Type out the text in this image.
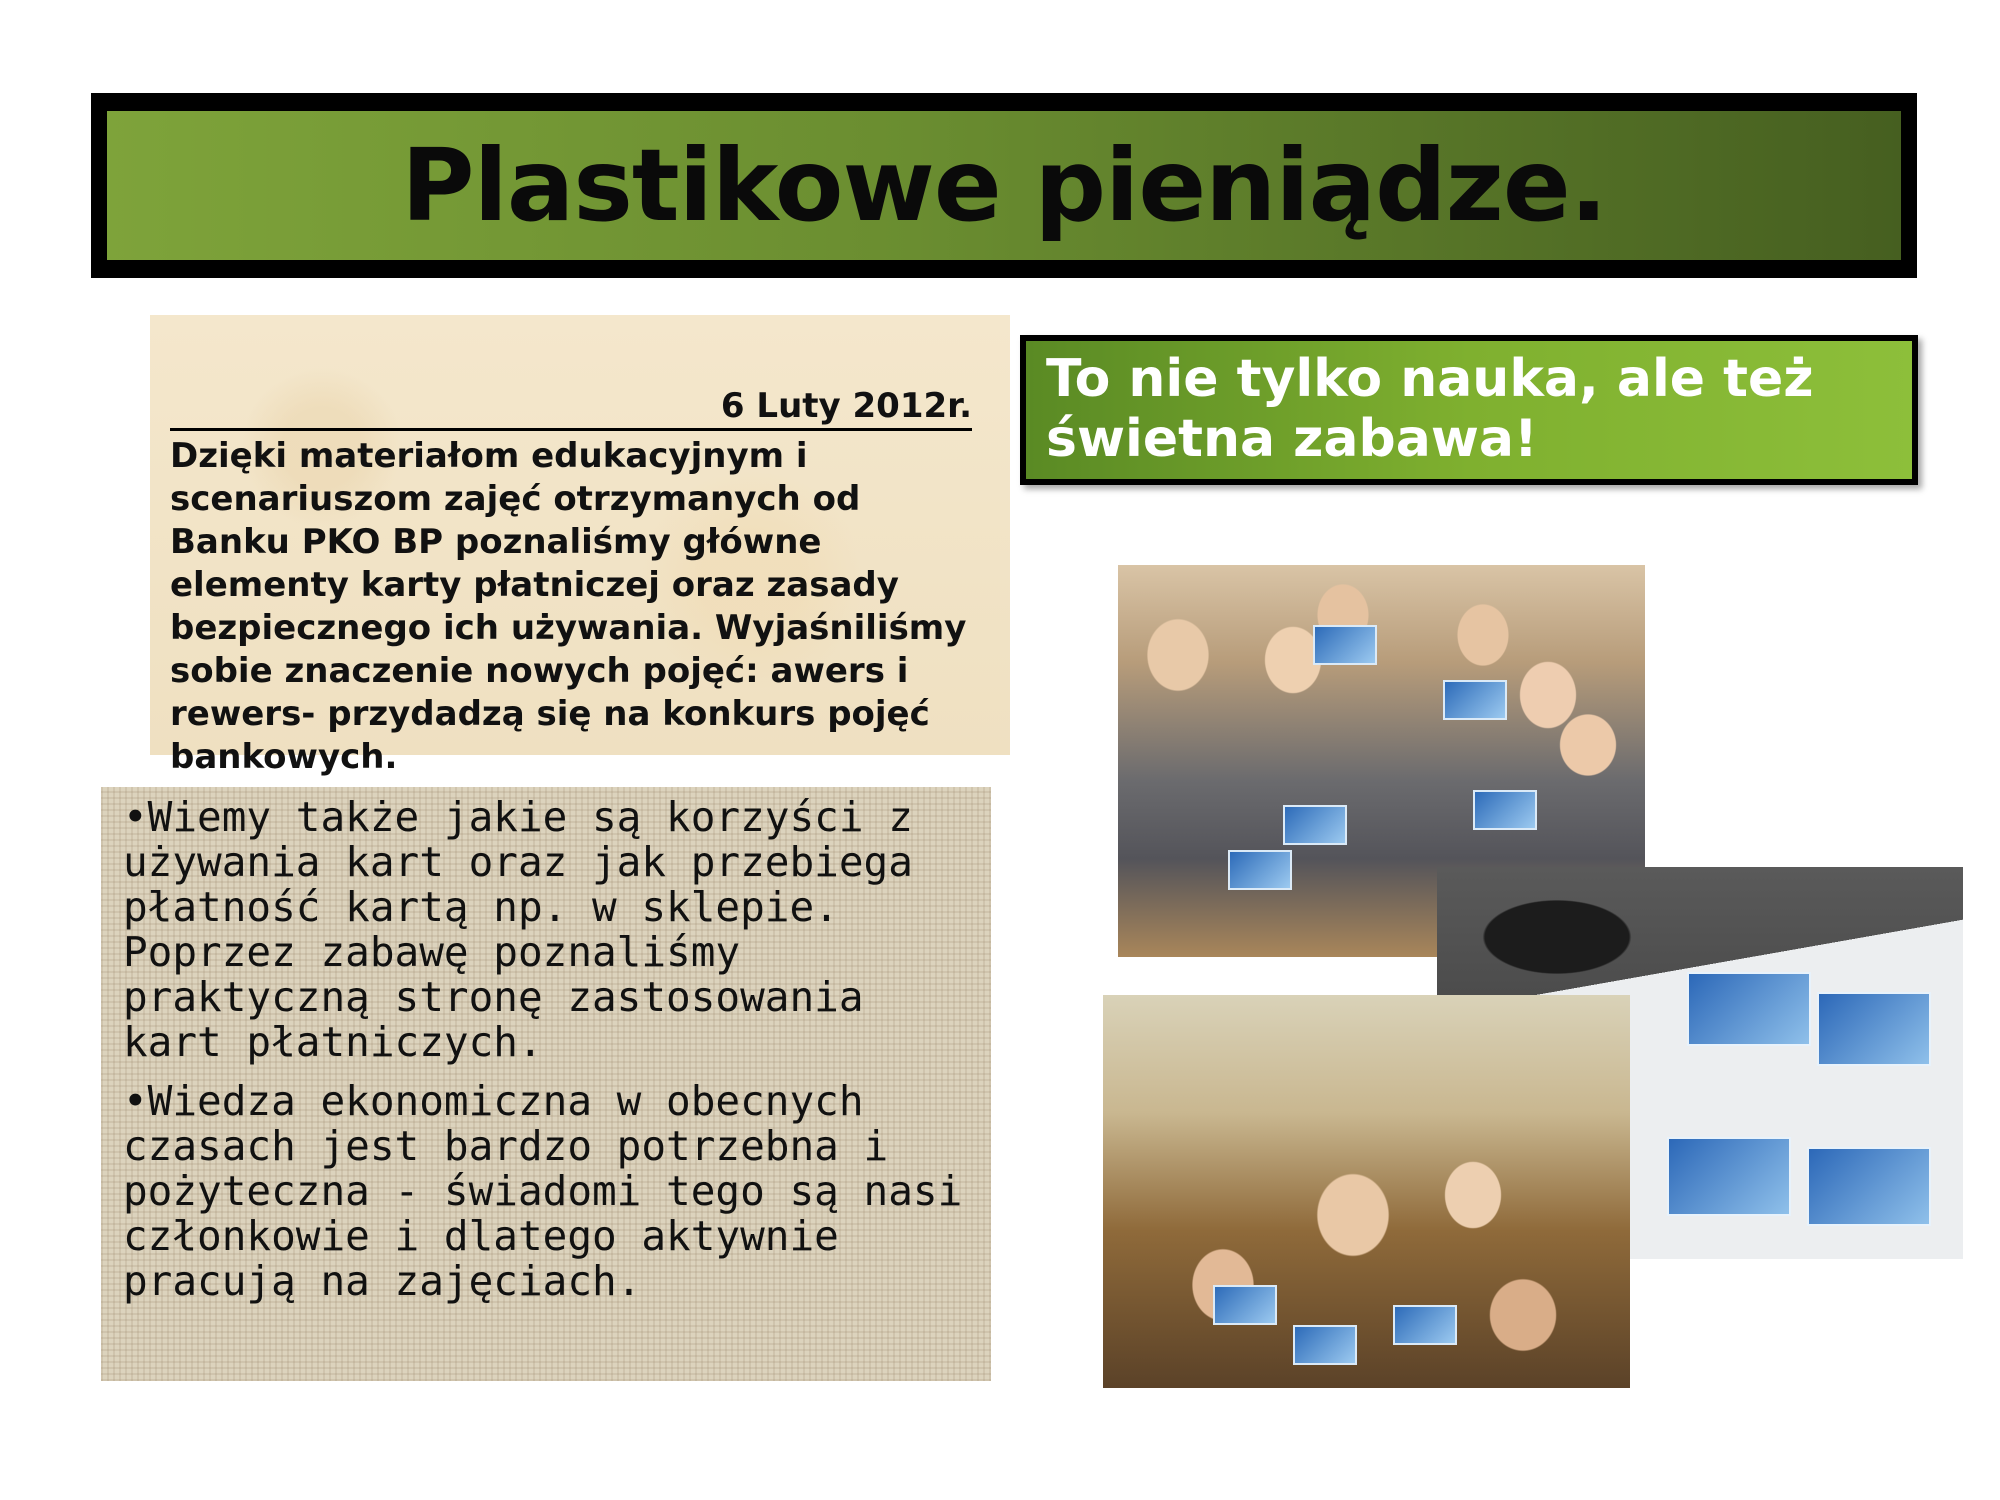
Plastikowe pieniądze.
6 Luty 2012r.
Dzięki materiałom edukacyjnym i scenariuszom zajęć otrzymanych od Banku PKO BP poznaliśmy główne elementy karty płatniczej oraz zasady bezpiecznego ich używania. Wyjaśniliśmy sobie znaczenie nowych pojęć: awers i rewers- przydadzą się na konkurs pojęć bankowych.

•Wiemy także jakie są korzyści z używania kart oraz jak przebiega płatność kartą np. w sklepie. Poprzez zabawę poznaliśmy praktyczną stronę zastosowania kart płatniczych.

•Wiedza ekonomiczna w obecnych czasach jest bardzo potrzebna i pożyteczna - świadomi tego są nasi członkowie i dlatego aktywnie pracują na zajęciach.

To nie tylko nauka, ale też świetna zabawa!
